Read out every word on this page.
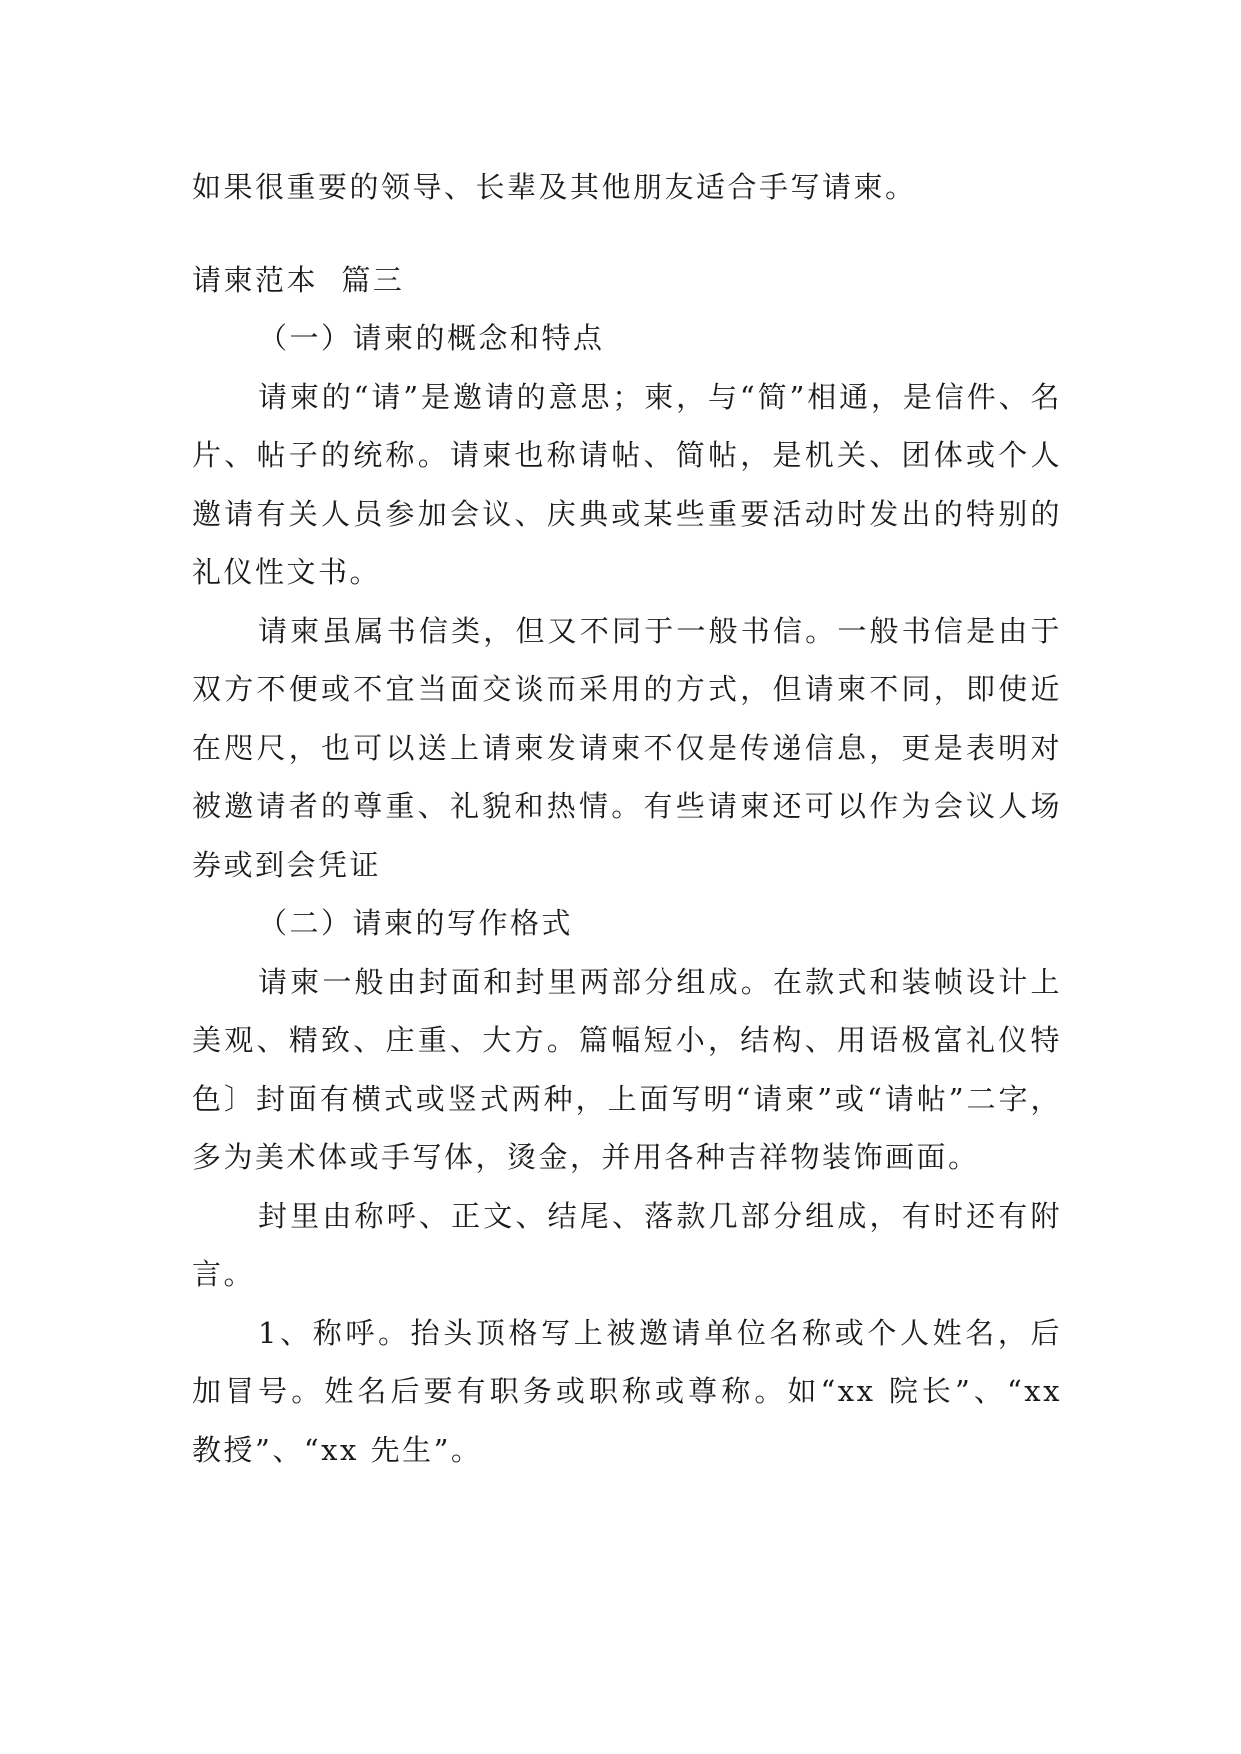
如果很重要的领导、长辈及其他朋友适合手写请柬。

请柬范本  篇三

（一）请柬的概念和特点

请柬的“请”是邀请的意思；柬，与“简”相通，是信件、名片、帖子的统称。请柬也称请帖、简帖，是机关、团体或个人邀请有关人员参加会议、庆典或某些重要活动时发出的特别的礼仪性文书。

请柬虽属书信类，但又不同于一般书信。一般书信是由于双方不便或不宜当面交谈而采用的方式，但请柬不同，即使近在咫尺，也可以送上请柬发请柬不仅是传递信息，更是表明对被邀请者的尊重、礼貌和热情。有些请柬还可以作为会议人场券或到会凭证

（二）请柬的写作格式

请柬一般由封面和封里两部分组成。在款式和装帧设计上美观、精致、庄重、大方。篇幅短小，结构、用语极富礼仪特色〕封面有横式或竖式两种，上面写明“请柬”或“请帖”二字，多为美术体或手写体，烫金，并用各种吉祥物装饰画面。

封里由称呼、正文、结尾、落款几部分组成，有时还有附言。

1、称呼。抬头顶格写上被邀请单位名称或个人姓名，后加冒号。姓名后要有职务或职称或尊称。如“xx 院长”、“xx 教授”、“xx 先生”。
